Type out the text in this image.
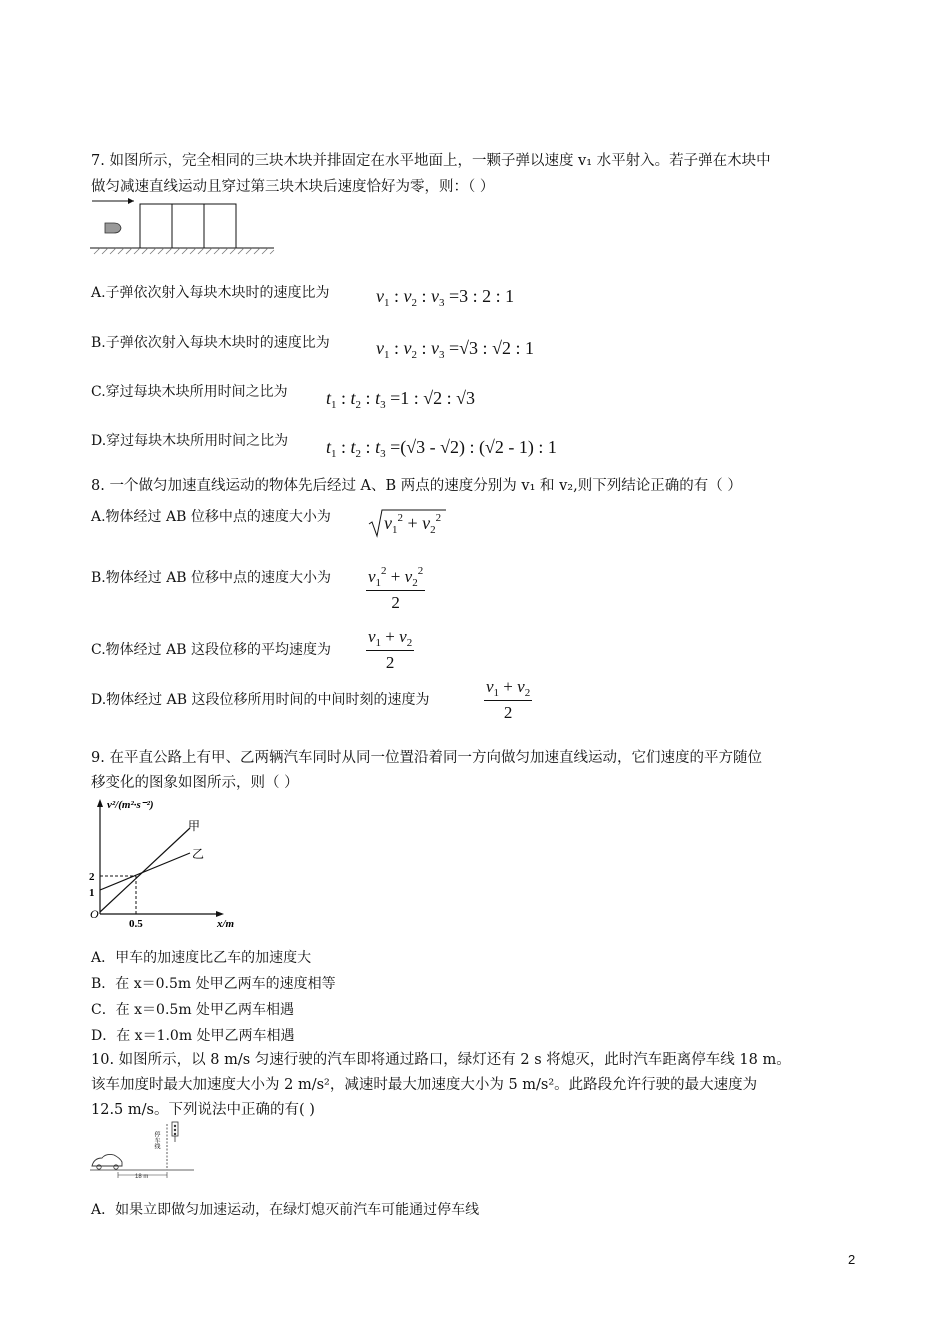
7. 如图所示，完全相同的三块木块并排固定在水平地面上，一颗子弹以速度 v₁ 水平射入。若子弹在木块中
做匀减速直线运动且穿过第三块木块后速度恰好为零，则：（ ）
A.子弹依次射入每块木块时的速度比为	$v_1$ : $v_2$ : $v_3 =3$ : 2 : 1
B.子弹依次射入每块木块时的速度比为	$v_1$ : $v_2$ : $v_3 =√3$ : √2 : 1
C.穿过每块木块所用时间之比为 $t_1$ : $t_2$ : $t_3 =1$ : √2 : √3
D.穿过每块木块所用时间之比为 $t_1$ : $t_2$ : $t_3 =(√3 - √2)$ : (√2 - 1) : 1
8. 一个做匀加速直线运动的物体先后经过 A、B 两点的速度分别为 v₁ 和 v₂,则下列结论正确的有（ ）
A.物体经过 AB 位移中点的速度大小为	$v_1^2 + v_2^2$
B.物体经过 AB 位移中点的速度大小为 $\frac{v_1^2 + v_2^2}{2}$
C.物体经过 AB 这段位移的平均速度为 $\frac{v_1 + v_2}{2}$
D.物体经过 AB 这段位移所用时间的中间时刻的速度为	$\frac{v_1 + v_2}{2}$
9. 在平直公路上有甲、乙两辆汽车同时从同一位置沿着同一方向做匀加速直线运动，它们速度的平方随位
移变化的图象如图所示，则（ ）
v²/(m²·s⁻²)
x/m
O
2
1
0.5
甲
乙
A．甲车的加速度比乙车的加速度大
B．在 x＝0.5m 处甲乙两车的速度相等
C．在 x＝0.5m 处甲乙两车相遇
D．在 x＝1.0m 处甲乙两车相遇
10. 如图所示，以 8 m/s 匀速行驶的汽车即将通过路口，绿灯还有 2 s 将熄灭，此时汽车距离停车线 18 m。
该车加度时最大加速度大小为 2 m/s²，减速时最大加速度大小为 5 m/s²。此路段允许行驶的最大速度为
12.5 m/s。下列说法中正确的有( )
停车线
18 m
A．如果立即做匀加速运动，在绿灯熄灭前汽车可能通过停车线
2
